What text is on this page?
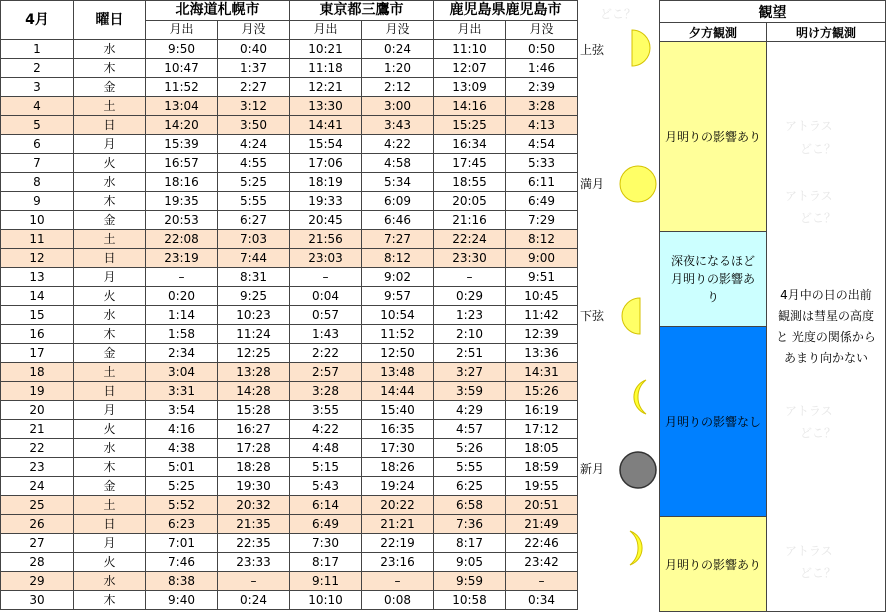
4月	曜日	北海道札幌市		東京都三鷹市		鹿児島県鹿児島市	
		月出	月没	月出	月没	月出	月没
1	水	9:50	0:40	10:21	0:24	11:10	0:50
2	木	10:47	1:37	11:18	1:20	12:07	1:46
3	金	11:52	2:27	12:21	2:12	13:09	2:39
4	土	13:04	3:12	13:30	3:00	14:16	3:28
5	日	14:20	3:50	14:41	3:43	15:25	4:13
6	月	15:39	4:24	15:54	4:22	16:34	4:54
7	火	16:57	4:55	17:06	4:58	17:45	5:33
8	水	18:16	5:25	18:19	5:34	18:55	6:11
9	木	19:35	5:55	19:33	6:09	20:05	6:49
10	金	20:53	6:27	20:45	6:46	21:16	7:29
11	土	22:08	7:03	21:56	7:27	22:24	8:12
12	日	23:19	7:44	23:03	8:12	23:30	9:00
13	月	–	8:31	–	9:02	–	9:51
14	火	0:20	9:25	0:04	9:57	0:29	10:45
15	水	1:14	10:23	0:57	10:54	1:23	11:42
16	木	1:58	11:24	1:43	11:52	2:10	12:39
17	金	2:34	12:25	2:22	12:50	2:51	13:36
18	土	3:04	13:28	2:57	13:48	3:27	14:31
19	日	3:31	14:28	3:28	14:44	3:59	15:26
20	月	3:54	15:28	3:55	15:40	4:29	16:19
21	火	4:16	16:27	4:22	16:35	4:57	17:12
22	水	4:38	17:28	4:48	17:30	5:26	18:05
23	木	5:01	18:28	5:15	18:26	5:55	18:59
24	金	5:25	19:30	5:43	19:24	6:25	19:55
25	土	5:52	20:32	6:14	20:22	6:58	20:51
26	日	6:23	21:35	6:49	21:21	7:36	21:49
27	月	7:01	22:35	7:30	22:19	8:17	22:46
28	火	7:46	23:33	8:17	23:16	9:05	23:42
29	水	8:38	–	9:11	–	9:59	–
30	木	9:40	0:24	10:10	0:08	10:58	0:34
上弦
満月
下弦
新月
観望	
夕方観測	明け方観測
月明りの影響あり	4月中の日の出前 観測は彗星の高度と 光度の関係から あまり向かない
深夜になるほど 月明りの影響あり	
月明りの影響なし	
月明りの影響あり	
どこ？
アトラス
どこ？
アトラス
どこ？
アトラス
どこ？
アトラス
どこ？
